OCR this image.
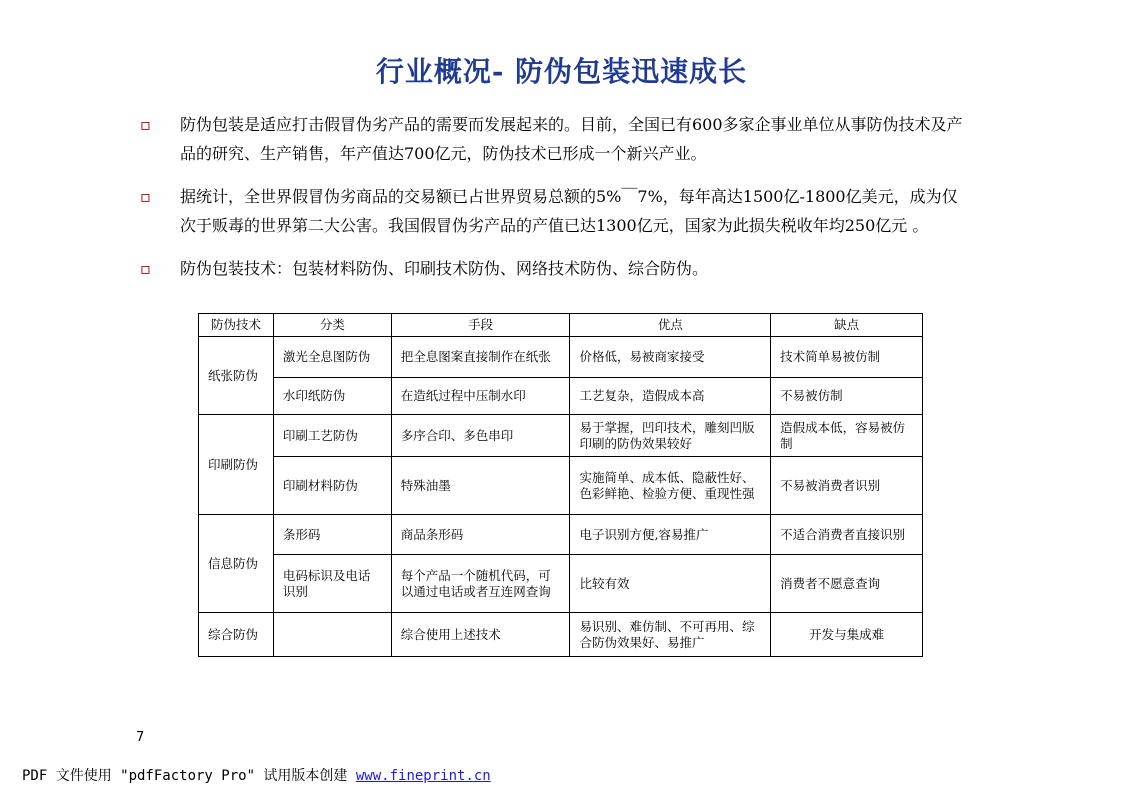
行业概况- 防伪包装迅速成长
▫ 防伪包装是适应打击假冒伪劣产品的需要而发展起来的。目前，全国已有600多家企事业单位从事防伪技术及产品的研究、生产销售，年产值达700亿元，防伪技术已形成一个新兴产业。
▫ 据统计，全世界假冒伪劣商品的交易额已占世界贸易总额的5%￣7%，每年高达1500亿-1800亿美元，成为仅次于贩毒的世界第二大公害。我国假冒伪劣产品的产值已达1300亿元，国家为此损失税收年均250亿元 。
▫ 防伪包装技术：包装材料防伪、印刷技术防伪、网络技术防伪、综合防伪。
防伪技术	分类	手段	优点	缺点
纸张防伪	激光全息图防伪	把全息图案直接制作在纸张	价格低，易被商家接受	技术简单易被仿制
	水印纸防伪	在造纸过程中压制水印	工艺复杂，造假成本高	不易被仿制
印刷防伪	印刷工艺防伪	多序合印、多色串印	易于掌握，凹印技术，雕刻凹版印刷的防伪效果较好	造假成本低，容易被仿制
	印刷材料防伪	特殊油墨	实施简单、成本低、隐蔽性好、色彩鲜艳、检验方便、重现性强	不易被消费者识别
信息防伪	条形码	商品条形码	电子识别方便,容易推广	不适合消费者直接识别
	电码标识及电话识别	每个产品一个随机代码，可以通过电话或者互连网查询	比较有效	消费者不愿意查询
综合防伪		综合使用上述技术	易识别、难仿制、不可再用、综合防伪效果好、易推广	开发与集成难
7
PDF 文件使用 "pdfFactory Pro" 试用版本创建 www.fineprint.cn
